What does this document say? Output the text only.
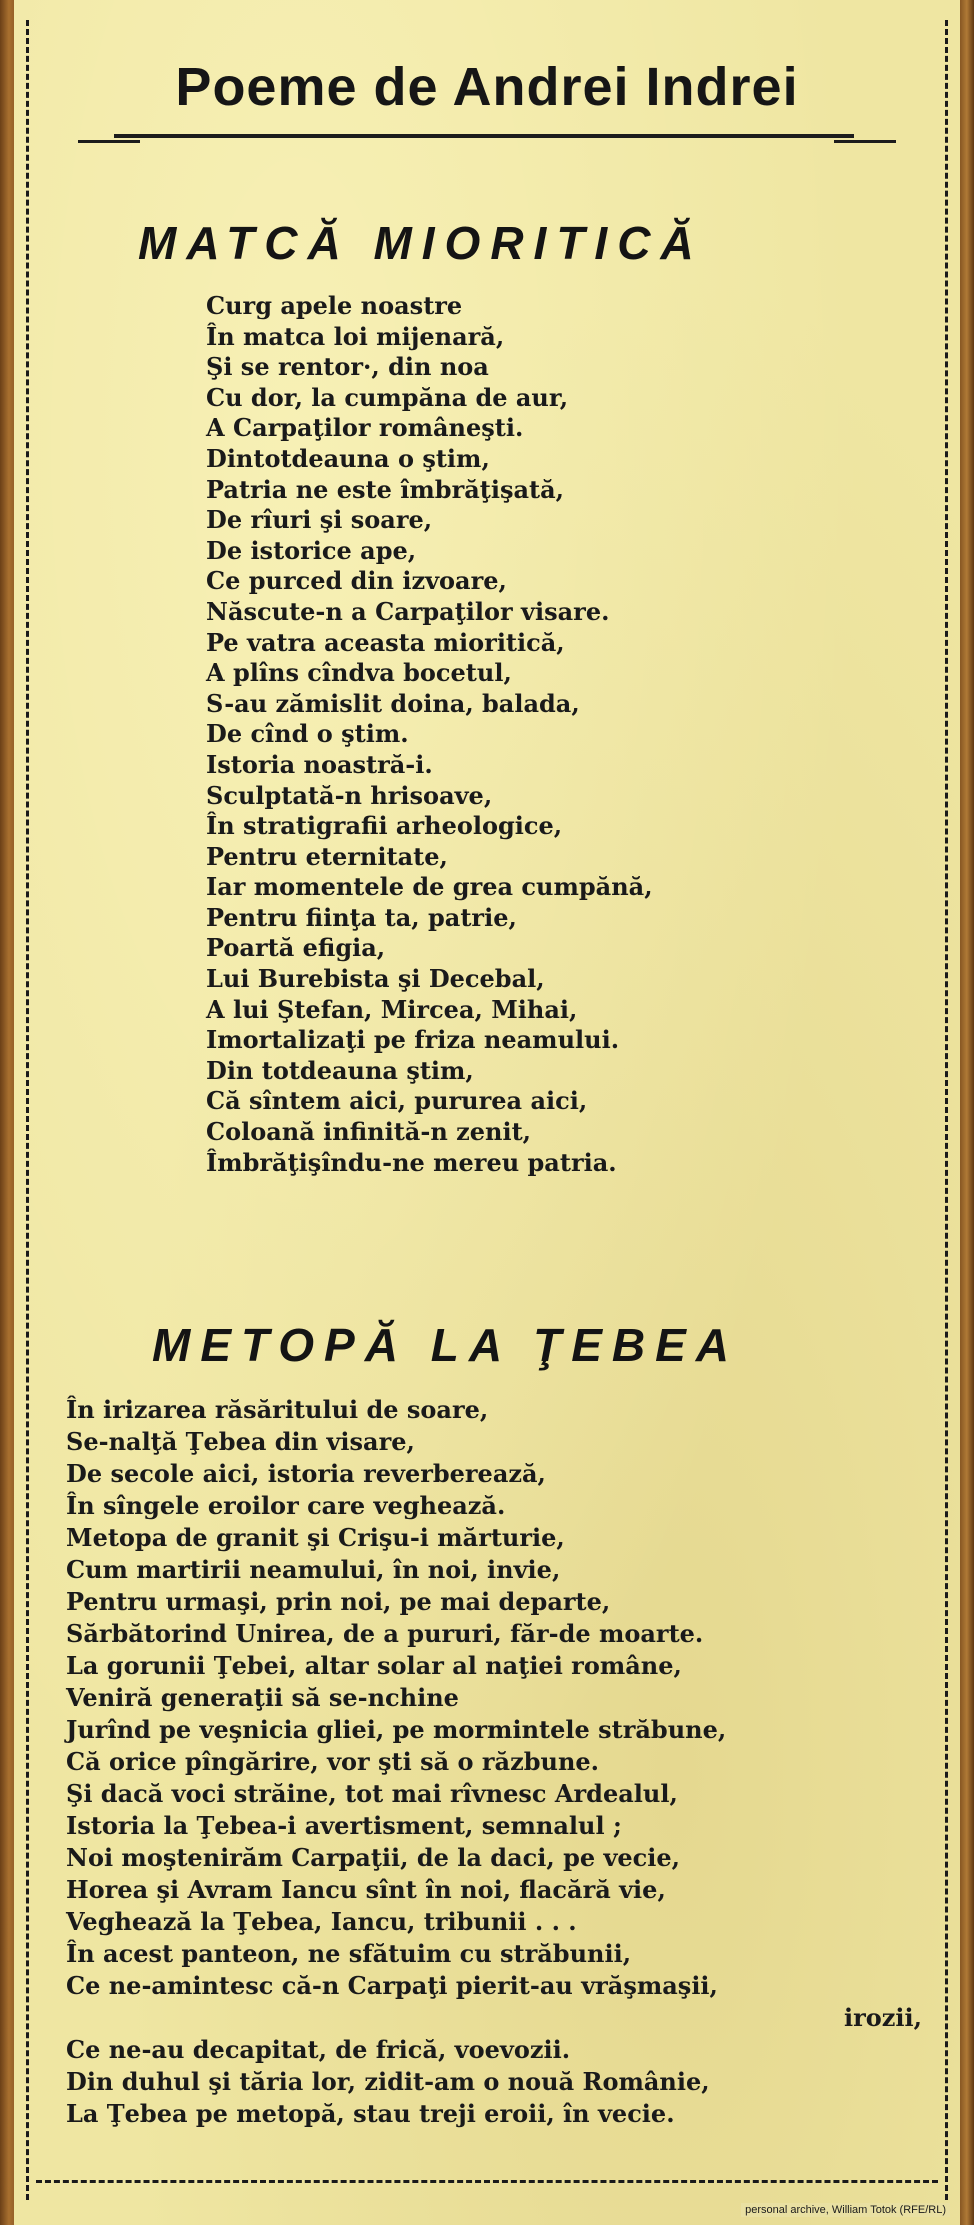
Poeme de Andrei Indrei
MATCĂ MIORITICĂ
Curg apele noastre
În matca loi mijenară,
Şi se rentor·, din noa
Cu dor, la cumpăna de aur,
A Carpaţilor româneşti.
Dintotdeauna o ştim,
Patria ne este îmbrăţişată,
De rîuri şi soare,
De istorice ape,
Ce purced din izvoare,
Născute-n a Carpaţilor visare.
Pe vatra aceasta mioritică,
A plîns cîndva bocetul,
S-au zămislit doina, balada,
De cînd o ştim.
Istoria noastră-i.
Sculptată-n hrisoave,
În stratigrafii arheologice,
Pentru eternitate,
Iar momentele de grea cumpănă,
Pentru fiinţa ta, patrie,
Poartă efigia,
Lui Burebista şi Decebal,
A lui Ştefan, Mircea, Mihai,
Imortalizaţi pe friza neamului.
Din totdeauna ştim,
Că sîntem aici, pururea aici,
Coloană infinită-n zenit,
Îmbrăţişîndu-ne mereu patria.
METOPĂ LA ŢEBEA
În irizarea răsăritului de soare,
Se-nalţă Ţebea din visare,
De secole aici, istoria reverberează,
În sîngele eroilor care veghează.
Metopa de granit şi Crişu-i mărturie,
Cum martirii neamului, în noi, invie,
Pentru urmaşi, prin noi, pe mai departe,
Sărbătorind Unirea, de a pururi, făr-de moarte.
La gorunii Ţebei, altar solar al naţiei române,
Veniră generaţii să se-nchine
Jurînd pe veşnicia gliei, pe mormintele străbune,
Că orice pîngărire, vor şti să o răzbune.
Şi dacă voci străine, tot mai rîvnesc Ardealul,
Istoria la Ţebea-i avertisment, semnalul ;
Noi moştenirăm Carpaţii, de la daci, pe vecie,
Horea şi Avram Iancu sînt în noi, flacără vie,
Veghează la Ţebea, Iancu, tribunii . . .
În acest panteon, ne sfătuim cu străbunii,
Ce ne-amintesc că-n Carpaţi pierit-au vrăşmaşii,
irozii,
Ce ne-au decapitat, de frică, voevozii.
Din duhul şi tăria lor, zidit-am o nouă Românie,
La Ţebea pe metopă, stau treji eroii, în vecie.
personal archive, William Totok (RFE/RL)
